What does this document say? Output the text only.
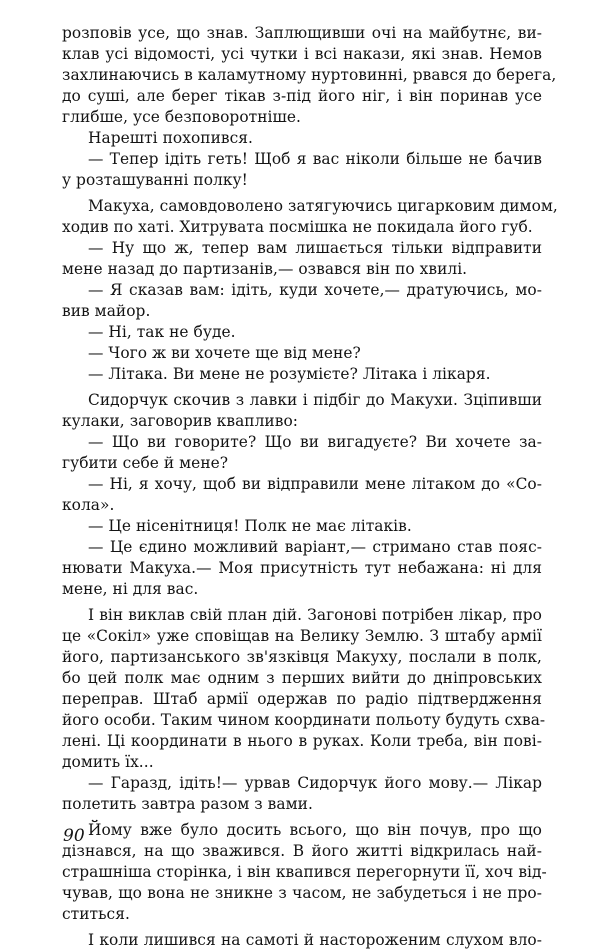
розповів усе, що знав. Заплющивши очі на майбутнє, ви-
клав усі відомості, усі чутки і всі накази, які знав. Немов
захлинаючись в каламутному нуртовинні, рвався до берега,
до суші, але берег тікав з-під його ніг, і він поринав усе
глибше, усе безповоротніше.
Нарешті похопився.
— Тепер ідіть геть! Щоб я вас ніколи більше не бачив
у розташуванні полку!
Макуха, самовдоволено затягуючись цигарковим димом,
ходив по хаті. Хитрувата посмішка не покидала його губ.
— Ну що ж, тепер вам лишається тільки відправити
мене назад до партизанів,— озвався він по хвилі.
— Я сказав вам: ідіть, куди хочете,— дратуючись, мо-
вив майор.
— Ні, так не буде.
— Чого ж ви хочете ще від мене?
— Літака. Ви мене не розумієте? Літака і лікаря.
Сидорчук скочив з лавки і підбіг до Макухи. Зціпивши
кулаки, заговорив квапливо:
— Що ви говорите? Що ви вигадуєте? Ви хочете за-
губити себе й мене?
— Ні, я хочу, щоб ви відправили мене літаком до «Со-
кола».
— Це нісенітниця! Полк не має літаків.
— Це єдино можливий варіант,— стримано став пояс-
нювати Макуха.— Моя присутність тут небажана: ні для
мене, ні для вас.
І він виклав свій план дій. Загонові потрібен лікар, про
це «Сокіл» уже сповіщав на Велику Землю. З штабу армії
його, партизанського зв'язківця Макуху, послали в полк,
бо цей полк має одним з перших вийти до дніпровських
переправ. Штаб армії одержав по радіо підтвердження
його особи. Таким чином координати польоту будуть схва-
лені. Ці координати в нього в руках. Коли треба, він пові-
домить їх...
— Гаразд, ідіть!— урвав Сидорчук його мову.— Лікар
полетить завтра разом з вами.
Йому вже було досить всього, що він почув, про що
дізнався, на що зважився. В його житті відкрилась най-
страшніша сторінка, і він квапився перегорнути її, хоч від-
чував, що вона не зникне з часом, не забудеться і не про-
ститься.
І коли лишився на самоті й настороженим слухом вло-
90
